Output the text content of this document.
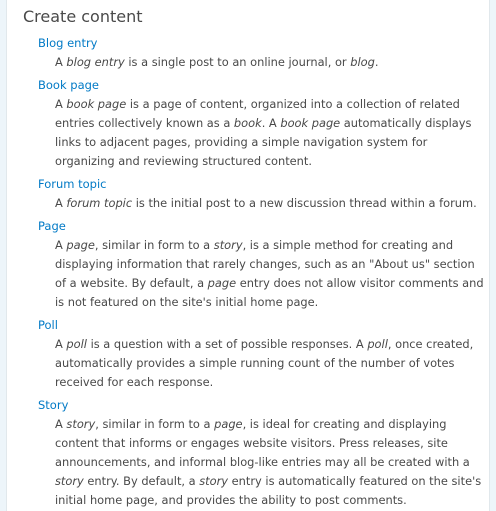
Create content
Blog entry
A blog entry is a single post to an online journal, or blog.
Book page
A book page is a page of content, organized into a collection of related entries collectively known as a book. A book page automatically displays links to adjacent pages, providing a simple navigation system for organizing and reviewing structured content.
Forum topic
A forum topic is the initial post to a new discussion thread within a forum.
Page
A page, similar in form to a story, is a simple method for creating and displaying information that rarely changes, such as an "About us" section of a website. By default, a page entry does not allow visitor comments and is not featured on the site's initial home page.
Poll
A poll is a question with a set of possible responses. A poll, once created, automatically provides a simple running count of the number of votes received for each response.
Story
A story, similar in form to a page, is ideal for creating and displaying content that informs or engages website visitors. Press releases, site announcements, and informal blog-like entries may all be created with a story entry. By default, a story entry is automatically featured on the site's initial home page, and provides the ability to post comments.
